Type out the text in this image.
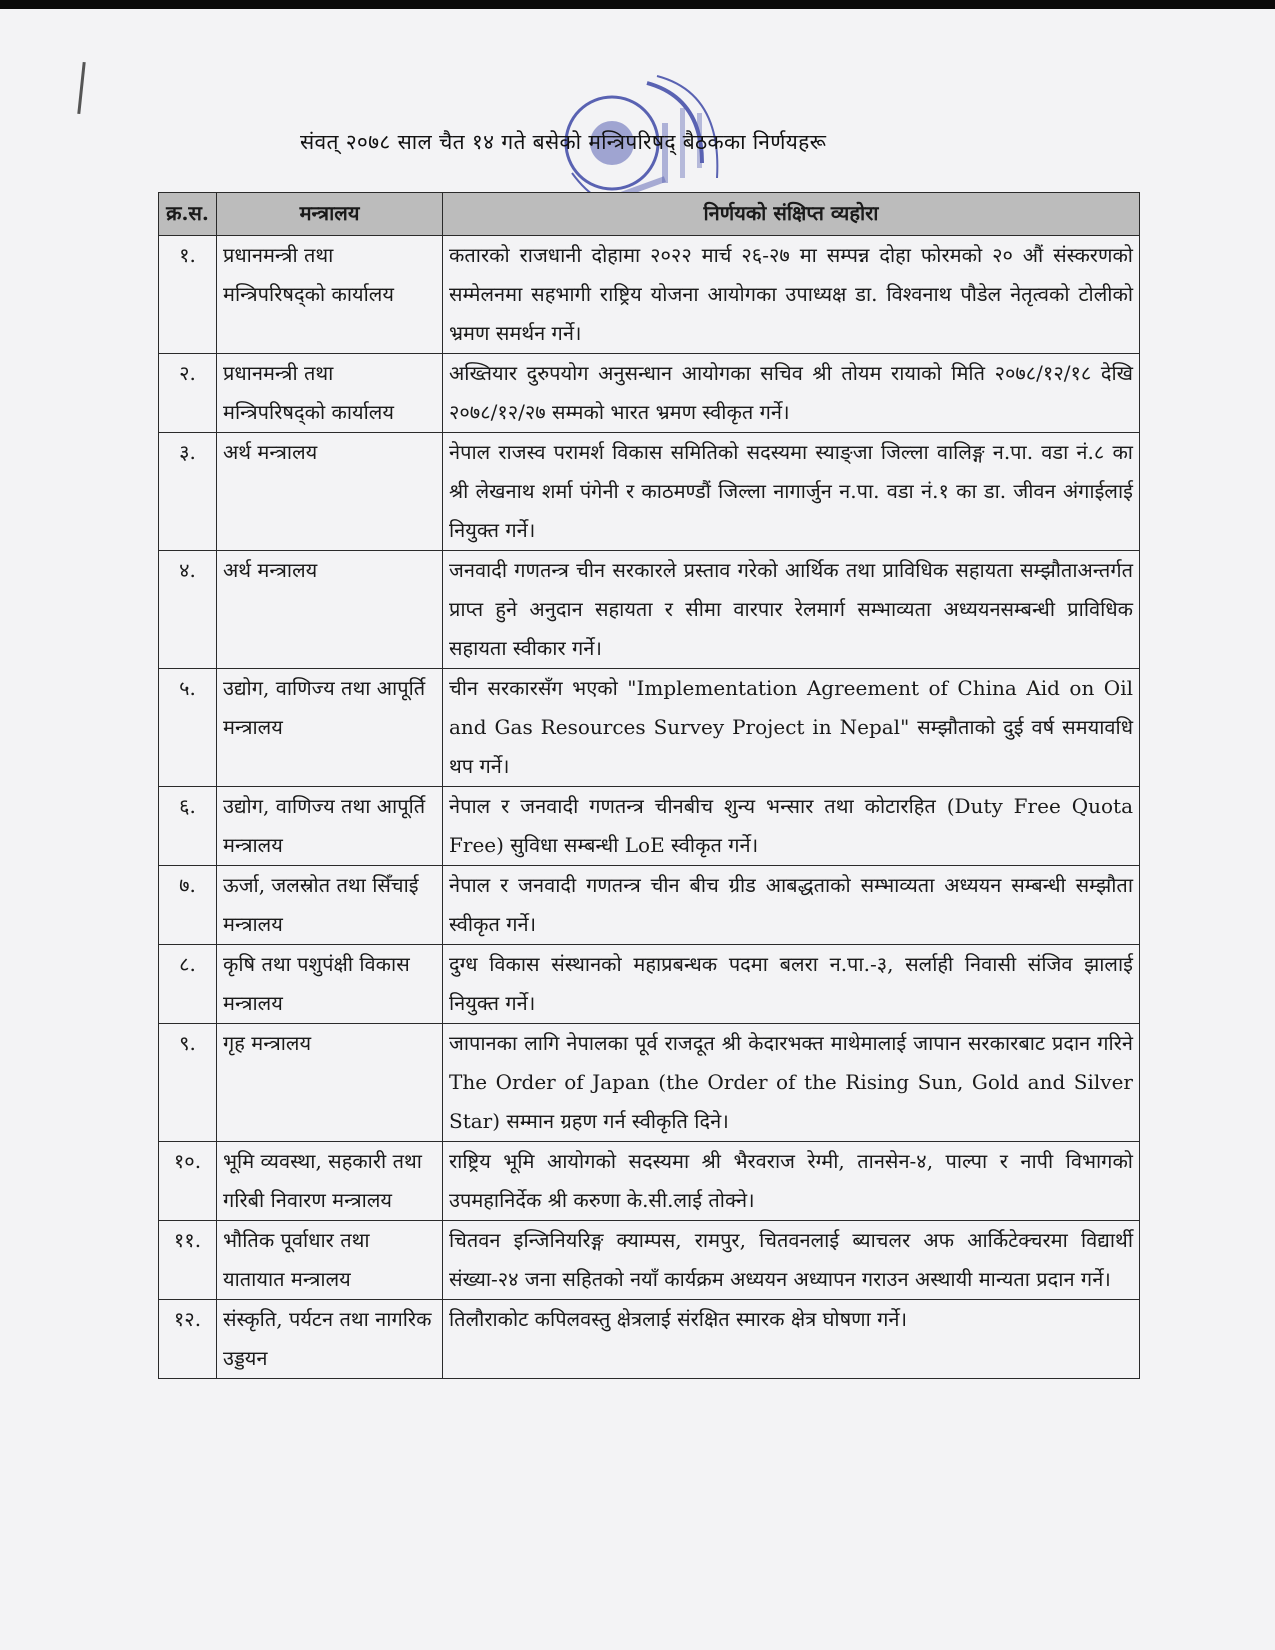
संवत् २०७८ साल चैत १४ गते बसेको मन्त्रिपरिषद् बैठकका निर्णयहरू
क्र.स.	मन्त्रालय	निर्णयको संक्षिप्त व्यहोरा
१.	प्रधानमन्त्री तथा मन्त्रिपरिषद्को कार्यालय	कतारको राजधानी दोहामा २०२२ मार्च २६-२७ मा सम्पन्न दोहा फोरमको २० औं संस्करणको सम्मेलनमा सहभागी राष्ट्रिय योजना आयोगका उपाध्यक्ष डा. विश्वनाथ पौडेल नेतृत्वको टोलीको भ्रमण समर्थन गर्ने।
२.	प्रधानमन्त्री तथा मन्त्रिपरिषद्को कार्यालय	अख्तियार दुरुपयोग अनुसन्धान आयोगका सचिव श्री तोयम रायाको मिति २०७८/१२/१८ देखि २०७८/१२/२७ सम्मको भारत भ्रमण स्वीकृत गर्ने।
३.	अर्थ मन्त्रालय	नेपाल राजस्व परामर्श विकास समितिको सदस्यमा स्याङ्जा जिल्ला वालिङ्ग न.पा. वडा नं.८ का श्री लेखनाथ शर्मा पंगेनी र काठमण्डौं जिल्ला नागार्जुन न.पा. वडा नं.१ का डा. जीवन अंगाईलाई नियुक्त गर्ने।
४.	अर्थ मन्त्रालय	जनवादी गणतन्त्र चीन सरकारले प्रस्ताव गरेको आर्थिक तथा प्राविधिक सहायता सम्झौताअन्तर्गत प्राप्त हुने अनुदान सहायता र सीमा वारपार रेलमार्ग सम्भाव्यता अध्ययनसम्बन्धी प्राविधिक सहायता स्वीकार गर्ने।
५.	उद्योग, वाणिज्य तथा आपूर्ति मन्त्रालय	चीन सरकारसँग भएको "Implementation Agreement of China Aid on Oil and Gas Resources Survey Project in Nepal" सम्झौताको दुई वर्ष समयावधि थप गर्ने।
६.	उद्योग, वाणिज्य तथा आपूर्ति मन्त्रालय	नेपाल र जनवादी गणतन्त्र चीनबीच शुन्य भन्सार तथा कोटारहित (Duty Free Quota Free) सुविधा सम्बन्धी LoE स्वीकृत गर्ने।
७.	ऊर्जा, जलस्रोत तथा सिँचाई मन्त्रालय	नेपाल र जनवादी गणतन्त्र चीन बीच ग्रीड आबद्धताको सम्भाव्यता अध्ययन सम्बन्धी सम्झौता स्वीकृत गर्ने।
८.	कृषि तथा पशुपंक्षी विकास मन्त्रालय	दुग्ध विकास संस्थानको महाप्रबन्धक पदमा बलरा न.पा.-३, सर्लाही निवासी संजिव झालाई नियुक्त गर्ने।
९.	गृह मन्त्रालय	जापानका लागि नेपालका पूर्व राजदूत श्री केदारभक्त माथेमालाई जापान सरकारबाट प्रदान गरिने The Order of Japan (the Order of the Rising Sun, Gold and Silver Star) सम्मान ग्रहण गर्न स्वीकृति दिने।
१०.	भूमि व्यवस्था, सहकारी तथा गरिबी निवारण मन्त्रालय	राष्ट्रिय भूमि आयोगको सदस्यमा श्री भैरवराज रेग्मी, तानसेन-४, पाल्पा र नापी विभागको उपमहानिर्देक श्री करुणा के.सी.लाई तोक्ने।
११.	भौतिक पूर्वाधार तथा यातायात मन्त्रालय	चितवन इन्जिनियरिङ्ग क्याम्पस, रामपुर, चितवनलाई ब्याचलर अफ आर्किटेक्चरमा विद्यार्थी संख्या-२४ जना सहितको नयाँ कार्यक्रम अध्ययन अध्यापन गराउन अस्थायी मान्यता प्रदान गर्ने।
१२.	संस्कृति, पर्यटन तथा नागरिक उड्डयन	तिलौराकोट कपिलवस्तु क्षेत्रलाई संरक्षित स्मारक क्षेत्र घोषणा गर्ने।
